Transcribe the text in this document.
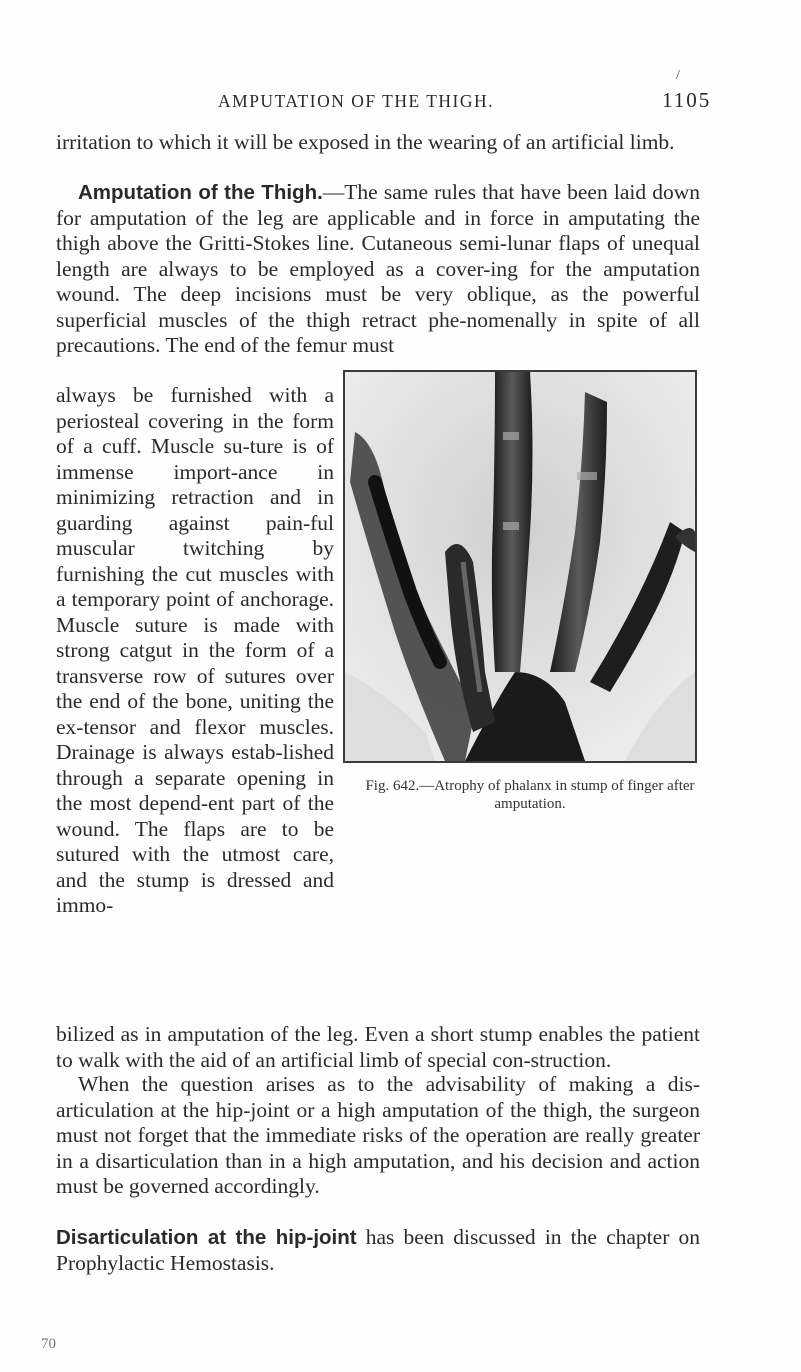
AMPUTATION OF THE THIGH.
/
1105

irritation to which it will be exposed in the wearing of an artificial limb.

Amputation of the Thigh.—The same rules that have been laid down for amputation of the leg are applicable and in force in amputating the thigh above the Gritti-Stokes line. Cutaneous semi-lunar flaps of unequal length are always to be employed as a cover-ing for the amputation wound. The deep incisions must be very oblique, as the powerful superficial muscles of the thigh retract phe-nomenally in spite of all precautions. The end of the femur must

always be furnished with a periosteal covering in the form of a cuff. Muscle su-ture is of immense import-ance in minimizing retraction and in guarding against pain-ful muscular twitching by furnishing the cut muscles with a temporary point of anchorage. Muscle suture is made with strong catgut in the form of a transverse row of sutures over the end of the bone, uniting the ex-tensor and flexor muscles. Drainage is always estab-lished through a separate opening in the most depend-ent part of the wound. The flaps are to be sutured with the utmost care, and the stump is dressed and immo-

Fig. 642.—Atrophy of phalanx in stump of finger after amputation.

bilized as in amputation of the leg. Even a short stump enables the patient to walk with the aid of an artificial limb of special con-struction.

When the question arises as to the advisability of making a dis-articulation at the hip-joint or a high amputation of the thigh, the surgeon must not forget that the immediate risks of the operation are really greater in a disarticulation than in a high amputation, and his decision and action must be governed accordingly.

Disarticulation at the hip-joint has been discussed in the chapter on Prophylactic Hemostasis.

70
